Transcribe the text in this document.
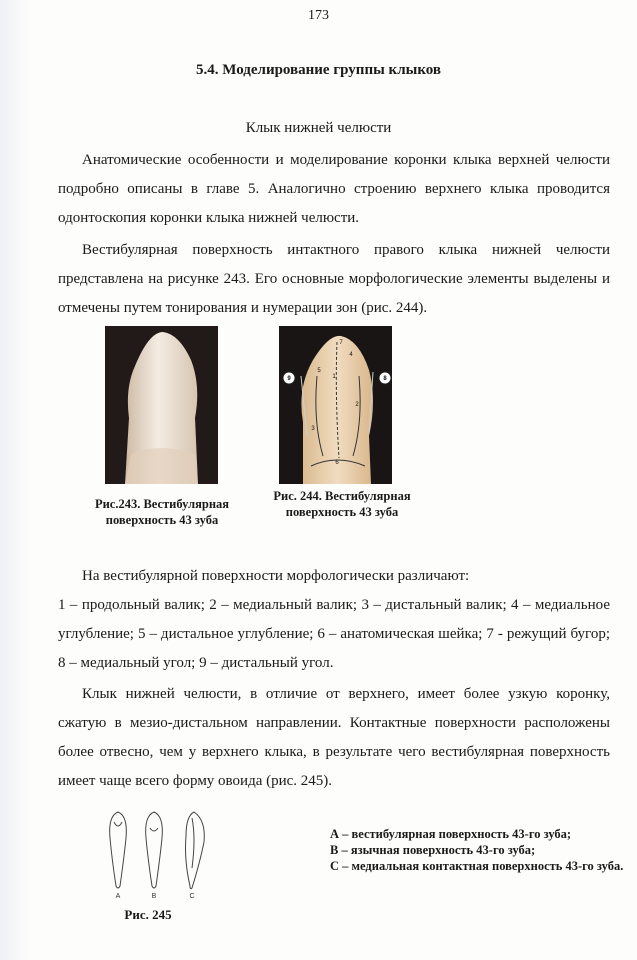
173
5.4. Моделирование группы клыков
Клык нижней челюсти

Анатомические особенности и моделирование коронки клыка верхней челюсти подробно описаны в главе 5. Аналогично строению верхнего клыка проводится одонтоскопия коронки клыка нижней челюсти.

Вестибулярная поверхность интактного правого клыка нижней челюсти представлена на рисунке 243. Его основные морфологические элементы выделены и отмечены путем тонирования и нумерации зон (рис. 244).

Рис.243. Вестибулярная поверхность 43 зуба

9	8
7
1
2
3
4
5
6

Рис. 244. Вестибулярная поверхность 43 зуба

На вестибулярной поверхности морфологически различают:

1 – продольный валик; 2 – медиальный валик; 3 – дистальный валик; 4 – медиальное углубление; 5 – дистальное углубление; 6 – анатомическая шейка; 7 - режущий бугор; 8 – медиальный угол; 9 – дистальный угол.

Клык нижней челюсти, в отличие от верхнего, имеет более узкую коронку, сжатую в мезио-дистальном направлении. Контактные поверхности расположены более отвесно, чем у верхнего клыка, в результате чего вестибулярная поверхность имеет чаще всего форму овоида (рис. 245).

A	B	C

Рис. 245

А – вестибулярная поверхность 43-го зуба;
В – язычная поверхность 43-го зуба;
С – медиальная контактная поверхность 43-го зуба.
